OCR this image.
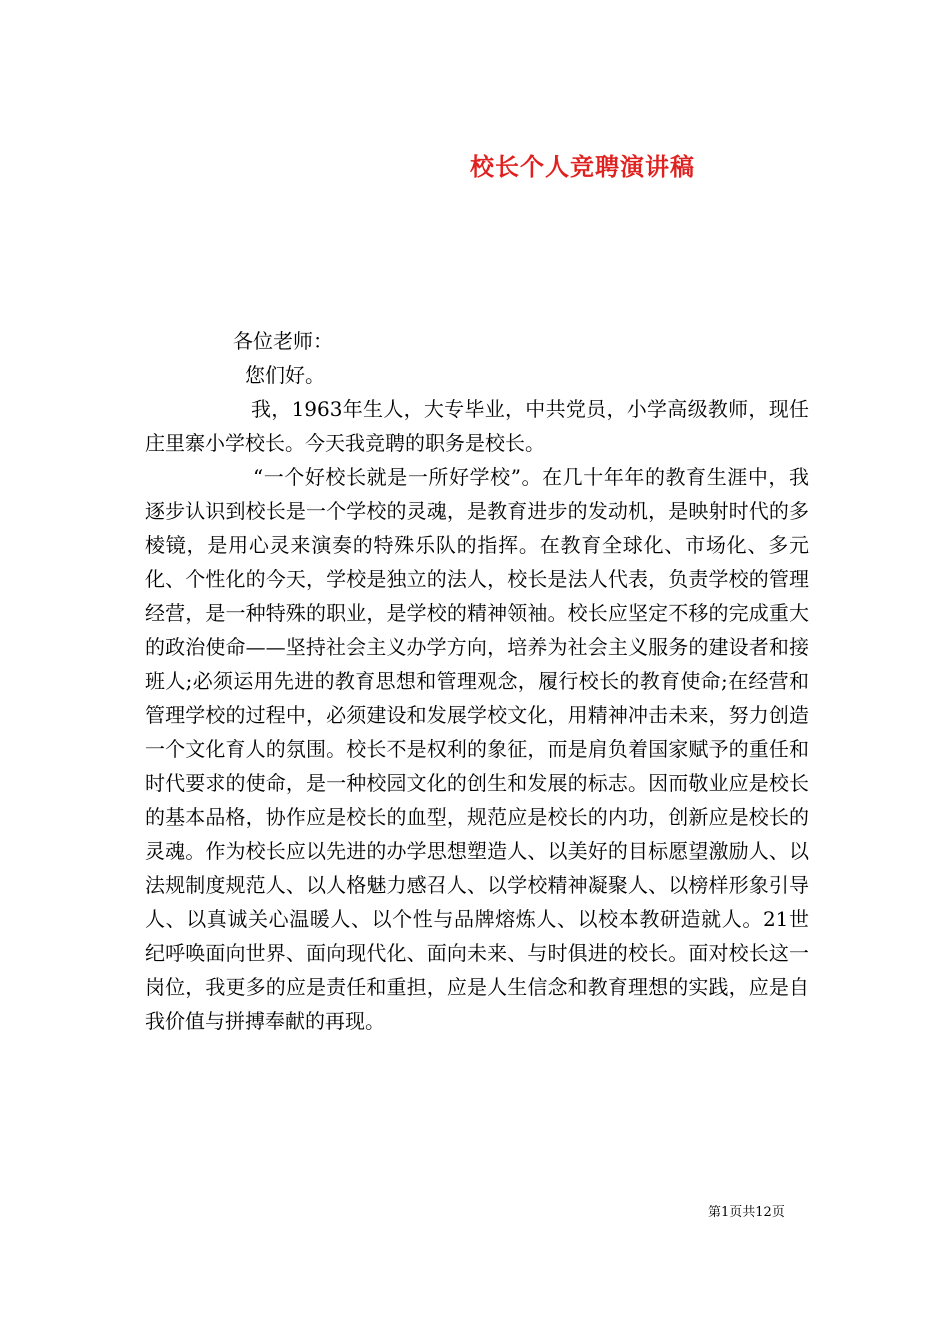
校长个人竞聘演讲稿

各位老师：

您们好。

我，1963年生人，大专毕业，中共党员，小学高级教师，现任庄里寨小学校长。今天我竞聘的职务是校长。

“一个好校长就是一所好学校”。在几十年年的教育生涯中，我逐步认识到校长是一个学校的灵魂，是教育进步的发动机，是映射时代的多棱镜，是用心灵来演奏的特殊乐队的指挥。在教育全球化、市场化、多元化、个性化的今天，学校是独立的法人，校长是法人代表，负责学校的管理经营，是一种特殊的职业，是学校的精神领袖。校长应坚定不移的完成重大的政治使命——坚持社会主义办学方向，培养为社会主义服务的建设者和接班人;必须运用先进的教育思想和管理观念，履行校长的教育使命;在经营和管理学校的过程中，必须建设和发展学校文化，用精神冲击未来，努力创造一个文化育人的氛围。校长不是权利的象征，而是肩负着国家赋予的重任和时代要求的使命，是一种校园文化的创生和发展的标志。因而敬业应是校长的基本品格，协作应是校长的血型，规范应是校长的内功，创新应是校长的灵魂。作为校长应以先进的办学思想塑造人、以美好的目标愿望激励人、以法规制度规范人、以人格魅力感召人、以学校精神凝聚人、以榜样形象引导人、以真诚关心温暖人、以个性与品牌熔炼人、以校本教研造就人。21世纪呼唤面向世界、面向现代化、面向未来、与时俱进的校长。面对校长这一岗位，我更多的应是责任和重担，应是人生信念和教育理想的实践，应是自我价值与拼搏奉献的再现。

第1页共12页
